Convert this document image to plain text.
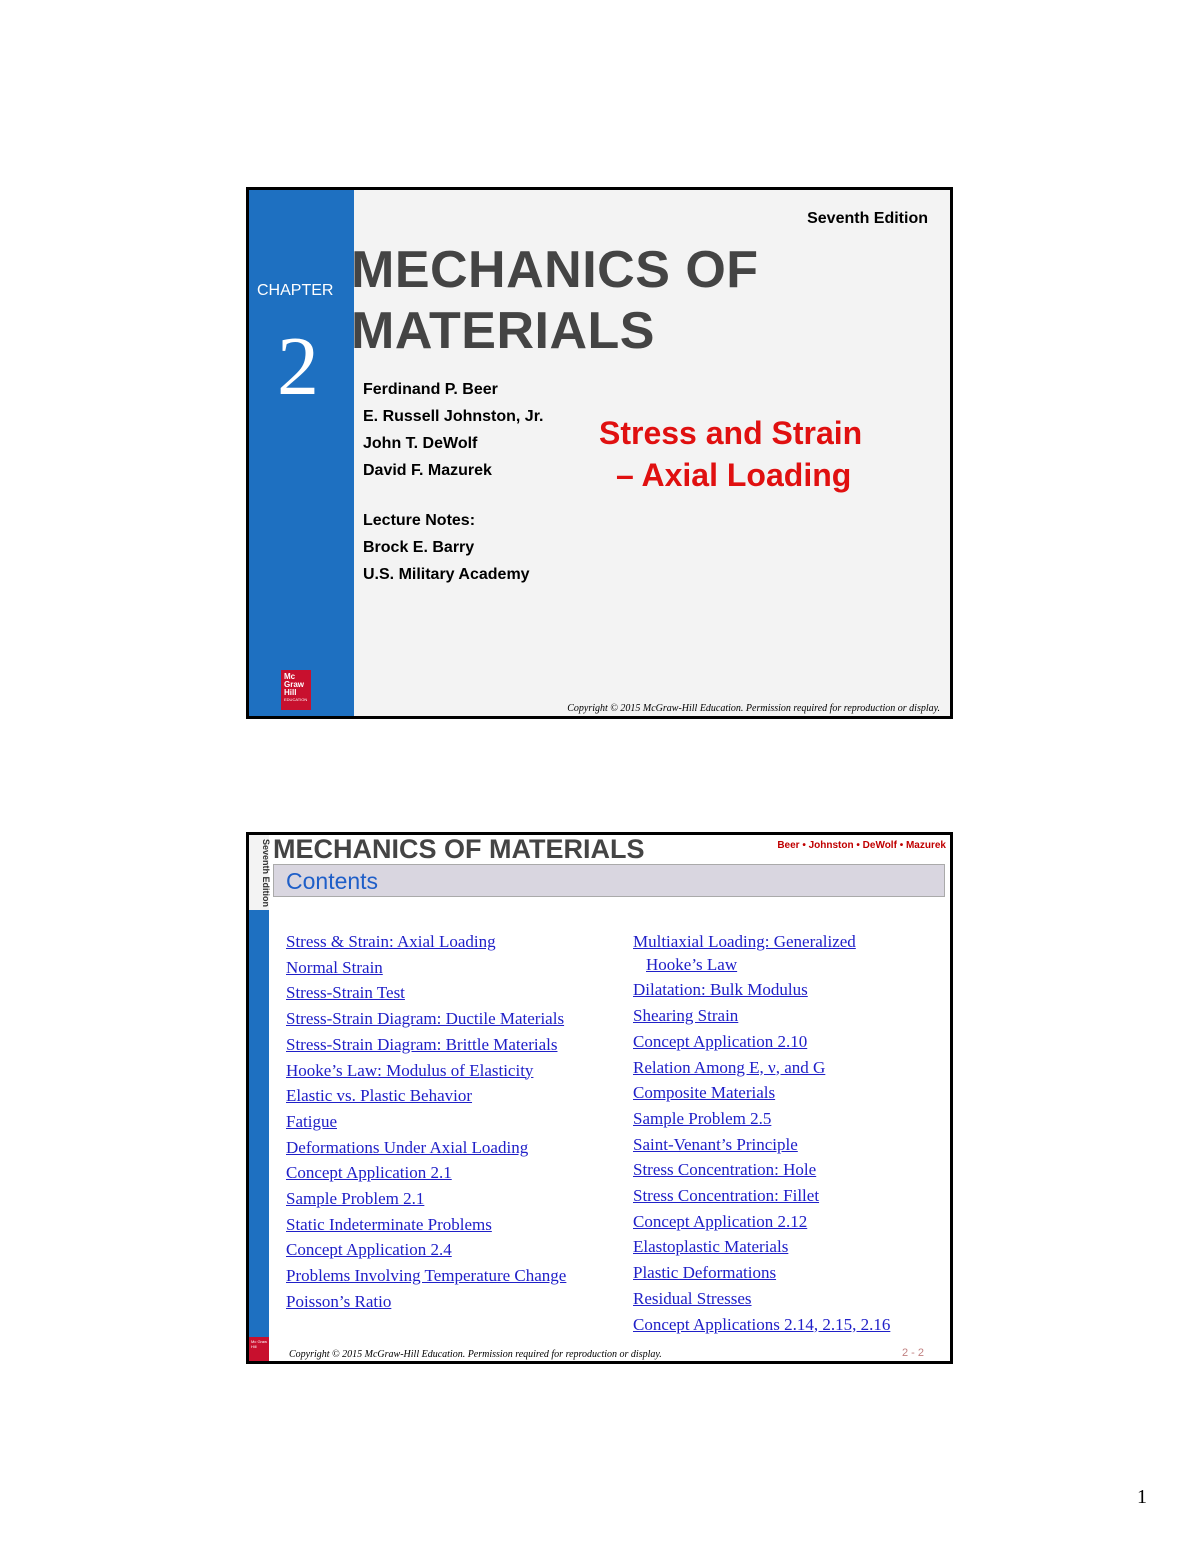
CHAPTER
2
Mc
Graw
Hill
EDUCATION
Seventh Edition
MECHANICS OF
MATERIALS
Ferdinand P. Beer
E. Russell Johnston, Jr.
John T. DeWolf
David F. Mazurek
Lecture Notes:
Brock E. Barry
U.S. Military Academy
Stress and Strain
– Axial Loading
Copyright © 2015 McGraw-Hill Education. Permission required for reproduction or display.
Seventh Edition
Mc Graw Hill
MECHANICS OF MATERIALS	Beer • Johnston • DeWolf • Mazurek
Contents
Stress & Strain: Axial Loading
Normal Strain
Stress-Strain Test
Stress-Strain Diagram: Ductile Materials
Stress-Strain Diagram: Brittle Materials
Hooke’s Law: Modulus of Elasticity
Elastic vs. Plastic Behavior
Fatigue
Deformations Under Axial Loading
Concept Application 2.1
Sample Problem 2.1
Static Indeterminate Problems
Concept Application 2.4
Problems Involving Temperature Change
Poisson’s Ratio
Multiaxial Loading: Generalized
Hooke’s Law
Dilatation: Bulk Modulus
Shearing Strain
Concept Application 2.10
Relation Among E, ν, and G
Composite Materials
Sample Problem 2.5
Saint-Venant’s Principle
Stress Concentration: Hole
Stress Concentration: Fillet
Concept Application 2.12
Elastoplastic Materials
Plastic Deformations
Residual Stresses
Concept Applications 2.14, 2.15, 2.16
Copyright © 2015 McGraw-Hill Education. Permission required for reproduction or display.	2 - 2
1
